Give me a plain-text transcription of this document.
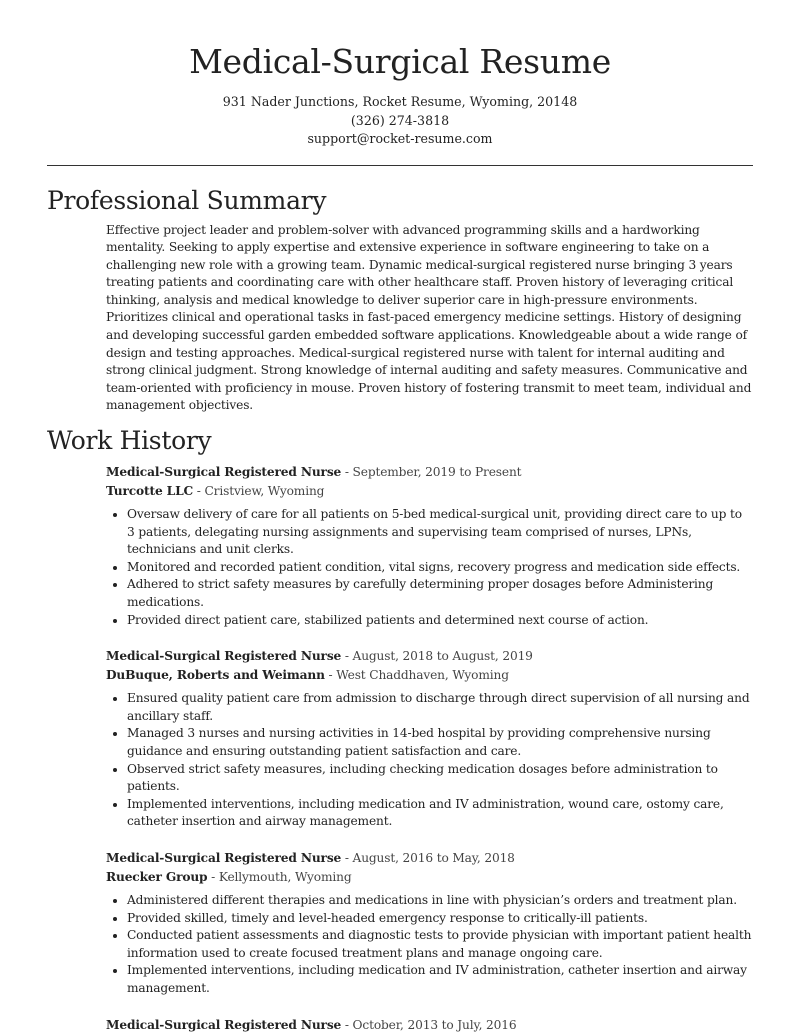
Medical-Surgical Resume
931 Nader Junctions, Rocket Resume, Wyoming, 20148
(326) 274-3818
support@rocket-resume.com
Professional Summary
Effective project leader and problem-solver with advanced programming skills and a hardworking mentality. Seeking to apply expertise and extensive experience in software engineering to take on a challenging new role with a growing team. Dynamic medical-surgical registered nurse bringing 3 years treating patients and coordinating care with other healthcare staff. Proven history of leveraging critical thinking, analysis and medical knowledge to deliver superior care in high-pressure environments. Prioritizes clinical and operational tasks in fast-paced emergency medicine settings. History of designing and developing successful garden embedded software applications. Knowledgeable about a wide range of design and testing approaches. Medical-surgical registered nurse with talent for internal auditing and strong clinical judgment. Strong knowledge of internal auditing and safety measures. Communicative and team-oriented with proficiency in mouse. Proven history of fostering transmit to meet team, individual and management objectives.
Work History
Medical-Surgical Registered Nurse - September, 2019 to Present
Turcotte LLC - Cristview, Wyoming
• Oversaw delivery of care for all patients on 5-bed medical-surgical unit, providing direct care to up to 3 patients, delegating nursing assignments and supervising team comprised of nurses, LPNs, technicians and unit clerks.
• Monitored and recorded patient condition, vital signs, recovery progress and medication side effects.
• Adhered to strict safety measures by carefully determining proper dosages before Administering medications.
• Provided direct patient care, stabilized patients and determined next course of action.
Medical-Surgical Registered Nurse - August, 2018 to August, 2019
DuBuque, Roberts and Weimann - West Chaddhaven, Wyoming
• Ensured quality patient care from admission to discharge through direct supervision of all nursing and ancillary staff.
• Managed 3 nurses and nursing activities in 14-bed hospital by providing comprehensive nursing guidance and ensuring outstanding patient satisfaction and care.
• Observed strict safety measures, including checking medication dosages before administration to patients.
• Implemented interventions, including medication and IV administration, wound care, ostomy care, catheter insertion and airway management.
Medical-Surgical Registered Nurse - August, 2016 to May, 2018
Ruecker Group - Kellymouth, Wyoming
• Administered different therapies and medications in line with physician’s orders and treatment plan.
• Provided skilled, timely and level-headed emergency response to critically-ill patients.
• Conducted patient assessments and diagnostic tests to provide physician with important patient health information used to create focused treatment plans and manage ongoing care.
• Implemented interventions, including medication and IV administration, catheter insertion and airway management.
Medical-Surgical Registered Nurse - October, 2013 to July, 2016
